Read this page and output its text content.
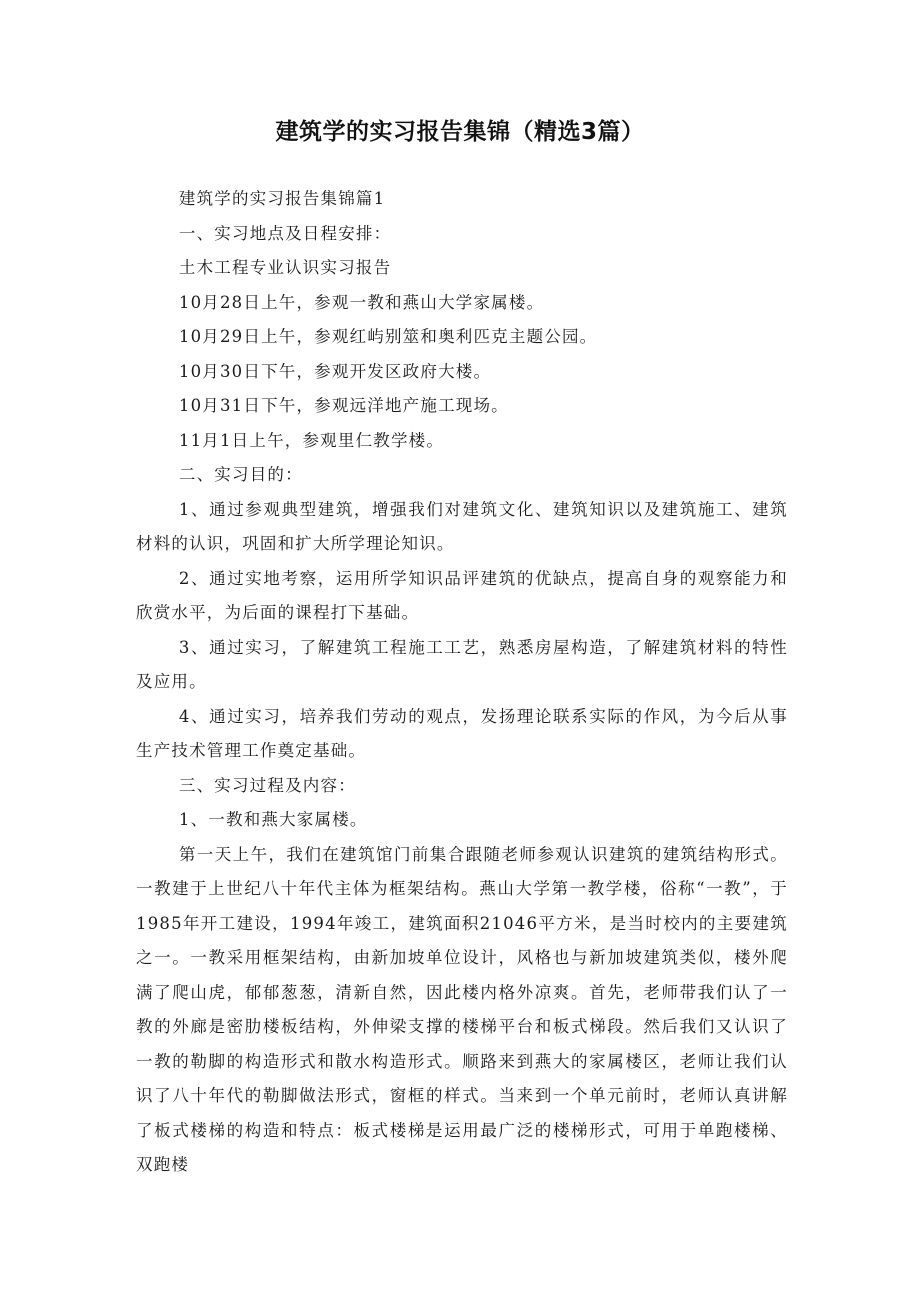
建筑学的实习报告集锦（精选3篇）

建筑学的实习报告集锦篇1

一、实习地点及日程安排：

土木工程专业认识实习报告

10月28日上午，参观一教和燕山大学家属楼。

10月29日上午，参观红屿别筮和奥利匹克主题公园。

10月30日下午，参观开发区政府大楼。

10月31日下午，参观远洋地产施工现场。

11月1日上午，参观里仁教学楼。

二、实习目的：

1、通过参观典型建筑，增强我们对建筑文化、建筑知识以及建筑施工、建筑材料的认识，巩固和扩大所学理论知识。

2、通过实地考察，运用所学知识品评建筑的优缺点，提高自身的观察能力和欣赏水平，为后面的课程打下基础。

3、通过实习，了解建筑工程施工工艺，熟悉房屋构造，了解建筑材料的特性及应用。

4、通过实习，培养我们劳动的观点，发扬理论联系实际的作风，为今后从事生产技术管理工作奠定基础。

三、实习过程及内容：

1、一教和燕大家属楼。

第一天上午，我们在建筑馆门前集合跟随老师参观认识建筑的建筑结构形式。一教建于上世纪八十年代主体为框架结构。燕山大学第一教学楼，俗称“一教”，于1985年开工建设，1994年竣工，建筑面积21046平方米，是当时校内的主要建筑之一。一教采用框架结构，由新加坡单位设计，风格也与新加坡建筑类似，楼外爬满了爬山虎，郁郁葱葱，清新自然，因此楼内格外凉爽。首先，老师带我们认了一教的外廊是密肋楼板结构，外伸梁支撑的楼梯平台和板式梯段。然后我们又认识了一教的勒脚的构造形式和散水构造形式。顺路来到燕大的家属楼区，老师让我们认识了八十年代的勒脚做法形式，窗框的样式。当来到一个单元前时，老师认真讲解了板式楼梯的构造和特点：板式楼梯是运用最广泛的楼梯形式，可用于单跑楼梯、双跑楼
